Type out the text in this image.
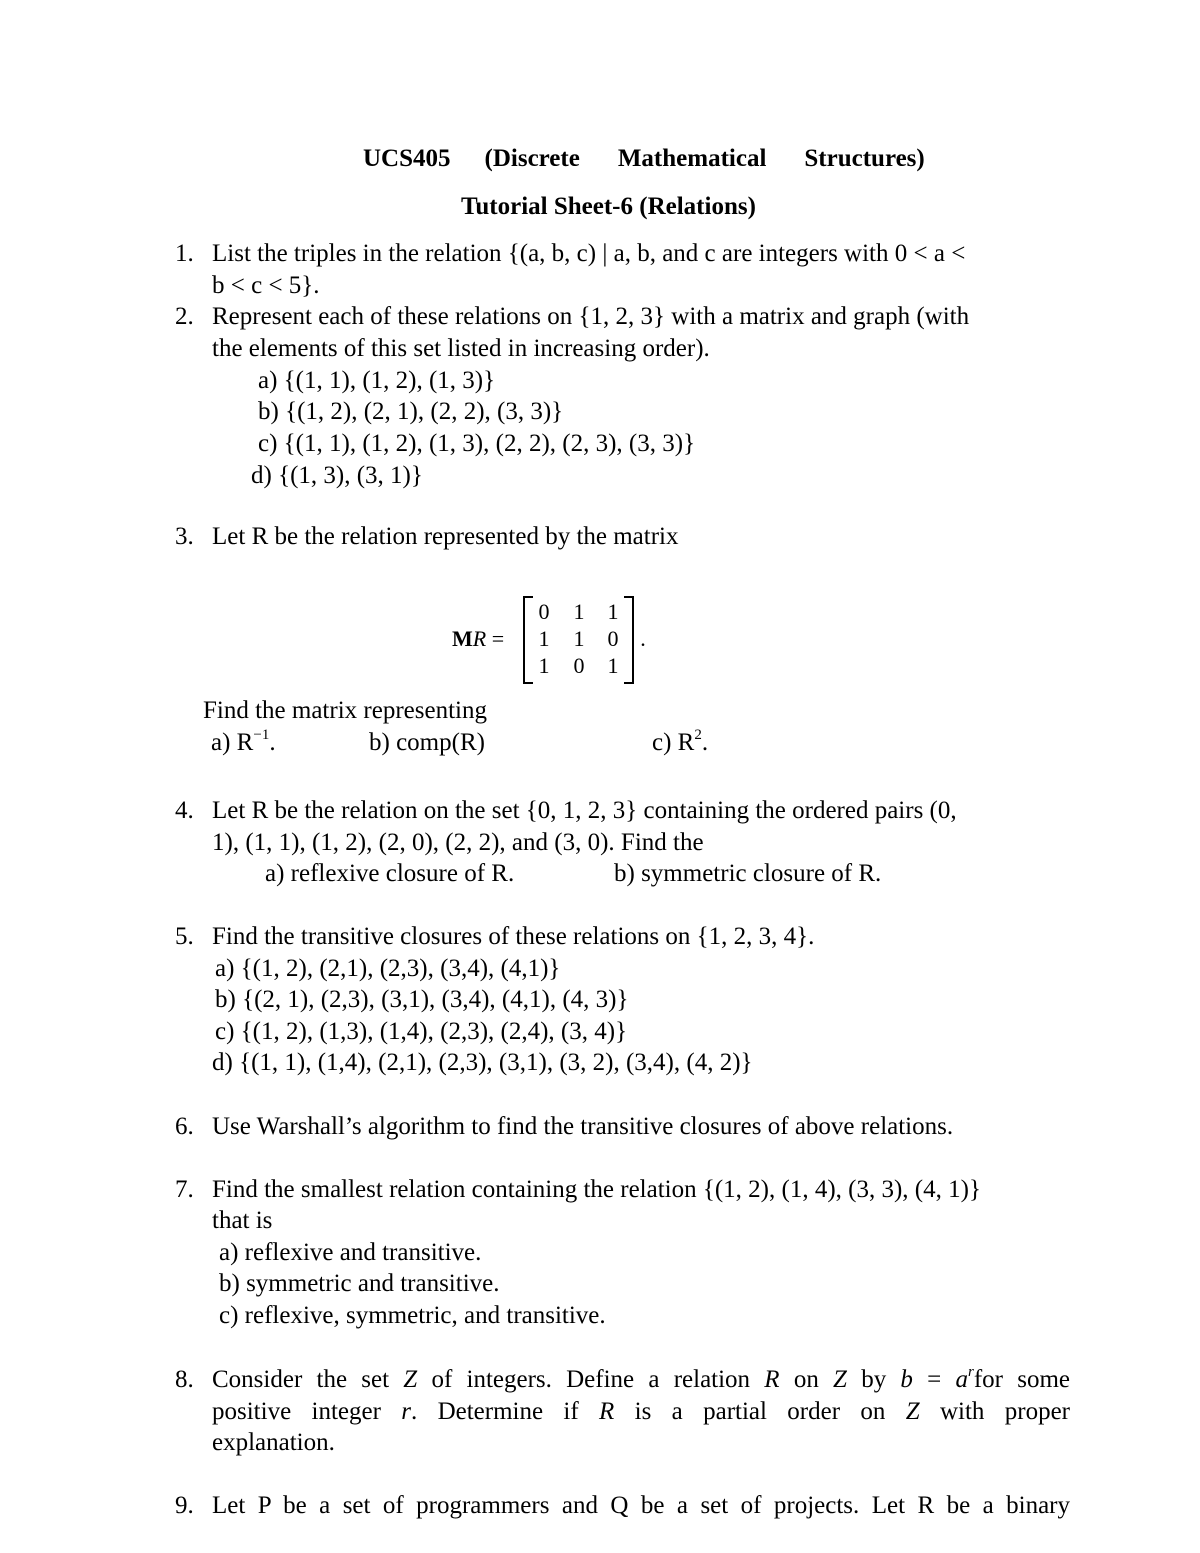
UCS405 (Discrete Mathematical Structures)
Tutorial Sheet-6 (Relations)
1. List the triples in the relation {(a, b, c) | a, b, and c are integers with 0 < a <
b < c < 5}.
2. Represent each of these relations on {1, 2, 3} with a matrix and graph (with
the elements of this set listed in increasing order).
a) {(1, 1), (1, 2), (1, 3)}
b) {(1, 2), (2, 1), (2, 2), (3, 3)}
c) {(1, 1), (1, 2), (1, 3), (2, 2), (2, 3), (3, 3)}
d) {(1, 3), (3, 1)}
3. Let R be the relation represented by the matrix
MR =
0 1 1
1 1 0
1 0 1
.
Find the matrix representing
a) $R^{-1}$.	b) comp(R)	c) $R^2$.
4. Let R be the relation on the set {0, 1, 2, 3} containing the ordered pairs (0,
1), (1, 1), (1, 2), (2, 0), (2, 2), and (3, 0). Find the
a) reflexive closure of R.	b) symmetric closure of R.
5. Find the transitive closures of these relations on {1, 2, 3, 4}.
a) {(1, 2), (2,1), (2,3), (3,4), (4,1)}
b) {(2, 1), (2,3), (3,1), (3,4), (4,1), (4, 3)}
c) {(1, 2), (1,3), (1,4), (2,3), (2,4), (3, 4)}
d) {(1, 1), (1,4), (2,1), (2,3), (3,1), (3, 2), (3,4), (4, 2)}
6. Use Warshall’s algorithm to find the transitive closures of above relations.
7. Find the smallest relation containing the relation {(1, 2), (1, 4), (3, 3), (4, 1)}
that is
a) reflexive and transitive.
b) symmetric and transitive.
c) reflexive, symmetric, and transitive.
8. Consider the set Z of integers. Define a relation R on Z by $b = a^rfor$ some
positive integer r. Determine if R is a partial order on Z with proper
explanation.
9. Let P be a set of programmers and Q be a set of projects. Let R be a binary
